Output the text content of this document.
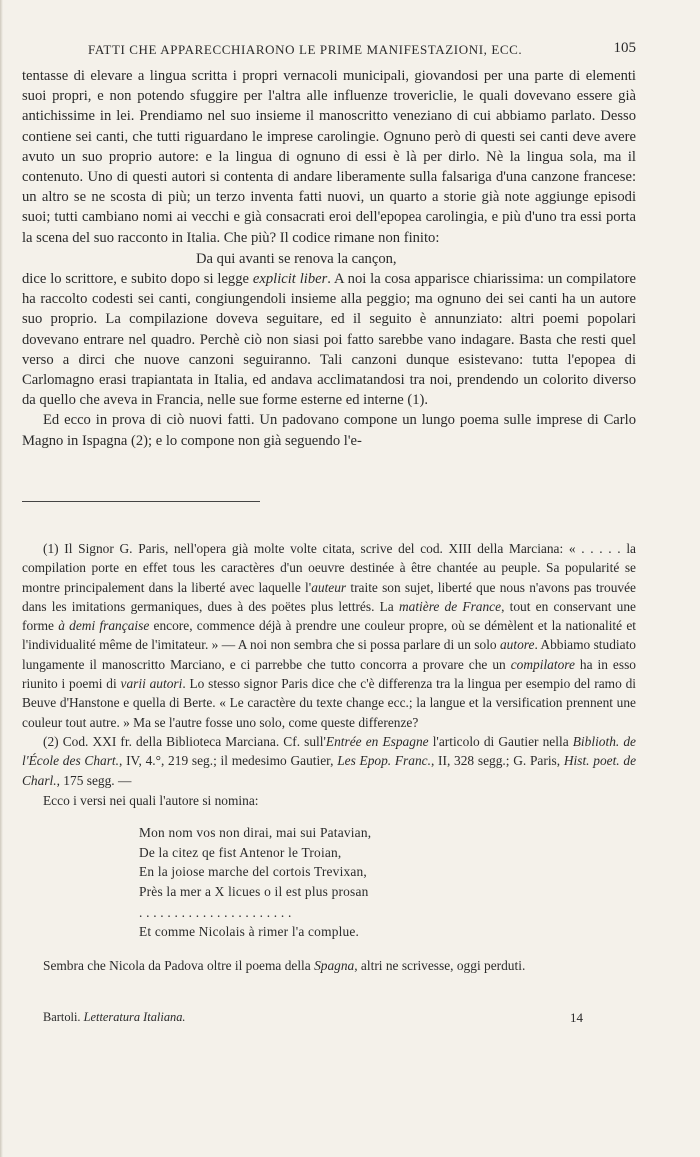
FATTI CHE APPARECCHIARONO LE PRIME MANIFESTAZIONI, ECC.	105

tentasse di elevare a lingua scritta i propri vernacoli municipali, giovandosi per una parte di elementi suoi propri, e non potendo sfuggire per l'altra alle influenze trovericlie, le quali dovevano essere già antichissime in lei. Prendiamo nel suo insieme il manoscritto veneziano di cui abbiamo parlato. Desso contiene sei canti, che tutti riguardano le imprese carolingie. Ognuno però di questi sei canti deve avere avuto un suo proprio autore: e la lingua di ognuno di essi è là per dirlo. Nè la lingua sola, ma il contenuto. Uno di questi autori si contenta di andare liberamente sulla falsariga d'una canzone francese: un altro se ne scosta di più; un terzo inventa fatti nuovi, un quarto a storie già note aggiunge episodi suoi; tutti cambiano nomi ai vecchi e già consacrati eroi dell'epopea carolingia, e più d'uno tra essi porta la scena del suo racconto in Italia. Che più? Il codice rimane non finito:

Da qui avanti se renova la cançon,

dice lo scrittore, e subito dopo si legge explicit liber. A noi la cosa apparisce chiarissima: un compilatore ha raccolto codesti sei canti, congiungendoli insieme alla peggio; ma ognuno dei sei canti ha un autore suo proprio. La compilazione doveva seguitare, ed il seguito è annunziato: altri poemi popolari dovevano entrare nel quadro. Perchè ciò non siasi poi fatto sarebbe vano indagare. Basta che resti quel verso a dirci che nuove canzoni seguiranno. Tali canzoni dunque esistevano: tutta l'epopea di Carlomagno erasi trapiantata in Italia, ed andava acclimatandosi tra noi, prendendo un colorito diverso da quello che aveva in Francia, nelle sue forme esterne ed interne (1).

Ed ecco in prova di ciò nuovi fatti. Un padovano compone un lungo poema sulle imprese di Carlo Magno in Ispagna (2); e lo compone non già seguendo l'e-

(1) Il Signor G. Paris, nell'opera già molte volte citata, scrive del cod. XIII della Marciana: « . . . . . la compilation porte en effet tous les caractères d'un oeuvre destinée à être chantée au peuple. Sa popularité se montre principalement dans la liberté avec laquelle l'auteur traite son sujet, liberté que nous n'avons pas trouvée dans les imitations germaniques, dues à des poëtes plus lettrés. La matière de France, tout en conservant une forme à demi française encore, commence déjà à prendre une couleur propre, où se démèlent et la nationalité et l'individualité même de l'imitateur. » — A noi non sembra che si possa parlare di un solo autore. Abbiamo studiato lungamente il manoscritto Marciano, e ci parrebbe che tutto concorra a provare che un compilatore ha in esso riunito i poemi di varii autori. Lo stesso signor Paris dice che c'è differenza tra la lingua per esempio del ramo di Beuve d'Hanstone e quella di Berte. « Le caractère du texte change ecc.; la langue et la versification prennent une couleur tout autre. » Ma se l'autre fosse uno solo, come queste differenze?

(2) Cod. XXI fr. della Biblioteca Marciana. Cf. sull'Entrée en Espagne l'articolo di Gautier nella Biblioth. de l'École des Chart., IV, 4.°, 219 seg.; il medesimo Gautier, Les Epop. Franc., II, 328 segg.; G. Paris, Hist. poet. de Charl., 175 segg. —

Ecco i versi nei quali l'autore si nomina:

Mon nom vos non dirai, mai sui Patavian,
De la citez qe fist Antenor le Troian,
En la joiose marche del cortois Trevixan,
Près la mer a X licues o il est plus prosan
. . . . . . . . . . . . . . . . . . . . . .
Et comme Nicolais à rimer l'a complue.

Sembra che Nicola da Padova oltre il poema della Spagna, altri ne scrivesse, oggi perduti.

Bartoli. Letteratura Italiana.	14
